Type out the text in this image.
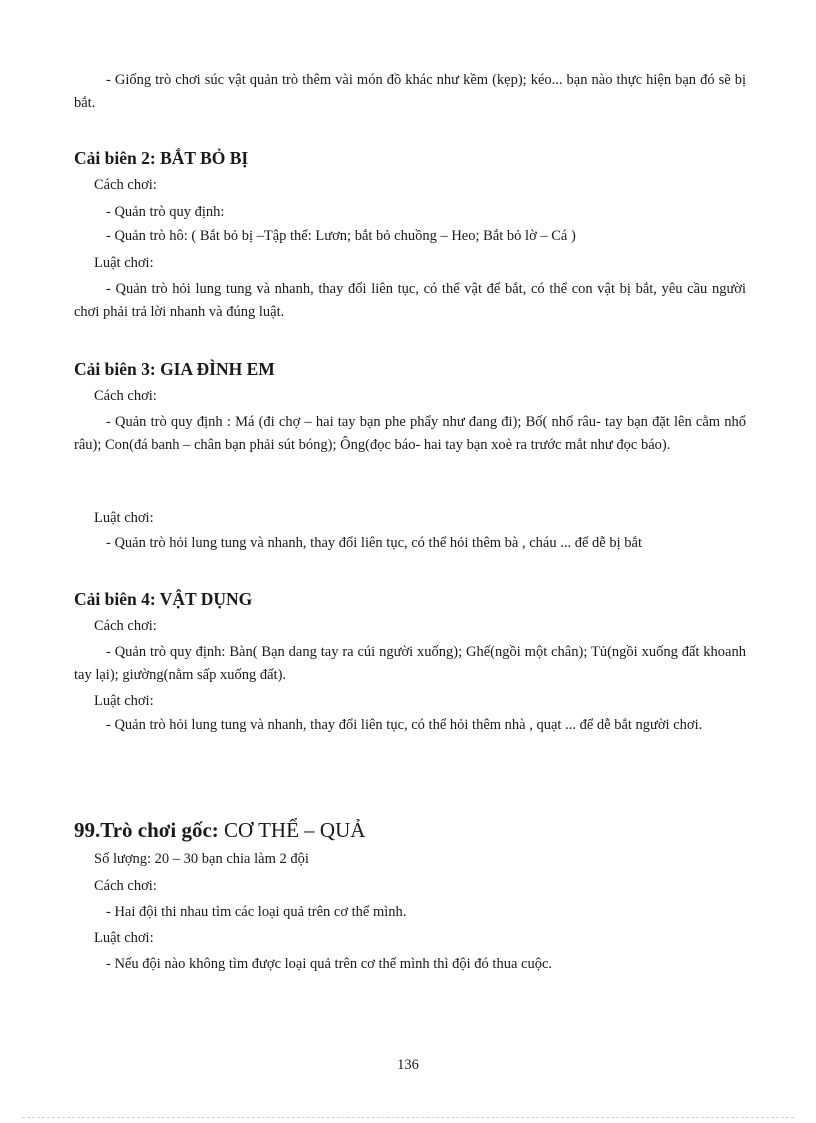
- Giống trò chơi súc vật quản trò thêm vài món đồ khác như kềm (kẹp); kéo... bạn nào thực hiện bạn đó sẽ bị bắt.
Cải biên 2: BẮT BỎ BỊ
Cách chơi:
- Quản trò quy định:
- Quản trò hô: ( Bắt bỏ bị –Tập thể: Lươn; bắt bỏ chuồng – Heo; Bắt bỏ lờ – Cá )
Luật chơi:
- Quản trò hỏi lung tung và nhanh, thay đổi liên tục, có thể vật để bắt, có thể con vật bị bắt, yêu cầu người chơi phải trả lời nhanh và đúng luật.
Cải biên 3: GIA ĐÌNH EM
Cách chơi:
- Quản trò quy định : Má (đi chợ – hai tay bạn phe phẩy như đang đi); Bố( nhổ râu- tay bạn đặt lên cằm nhổ râu); Con(đá banh – chân bạn phải sút bóng); Ông(đọc báo- hai tay bạn xoè ra trước mắt như đọc báo).
Luật chơi:
- Quản trò hỏi lung tung và nhanh, thay đổi liên tục, có thể hỏi thêm bà , cháu ... để dễ bị bắt
Cải biên 4: VẬT DỤNG
Cách chơi:
- Quản trò quy định: Bàn( Bạn dang tay ra cúi người xuống); Ghế(ngồi một chân); Tủ(ngồi xuống đất khoanh tay lại); giường(nằm sấp xuống đất).
Luật chơi:
- Quản trò hỏi lung tung và nhanh, thay đổi liên tục, có thể hỏi thêm nhà , quạt ... để dễ bắt người chơi.
99.Trò chơi gốc: CƠ THỂ – QUẢ
Số lượng: 20 – 30 bạn chia làm 2 đội
Cách chơi:
- Hai đội thi nhau tìm các loại quả trên cơ thể mình.
Luật chơi:
- Nếu đội nào không tìm được loại quả trên cơ thể mình thì đội đó thua cuộc.
136
